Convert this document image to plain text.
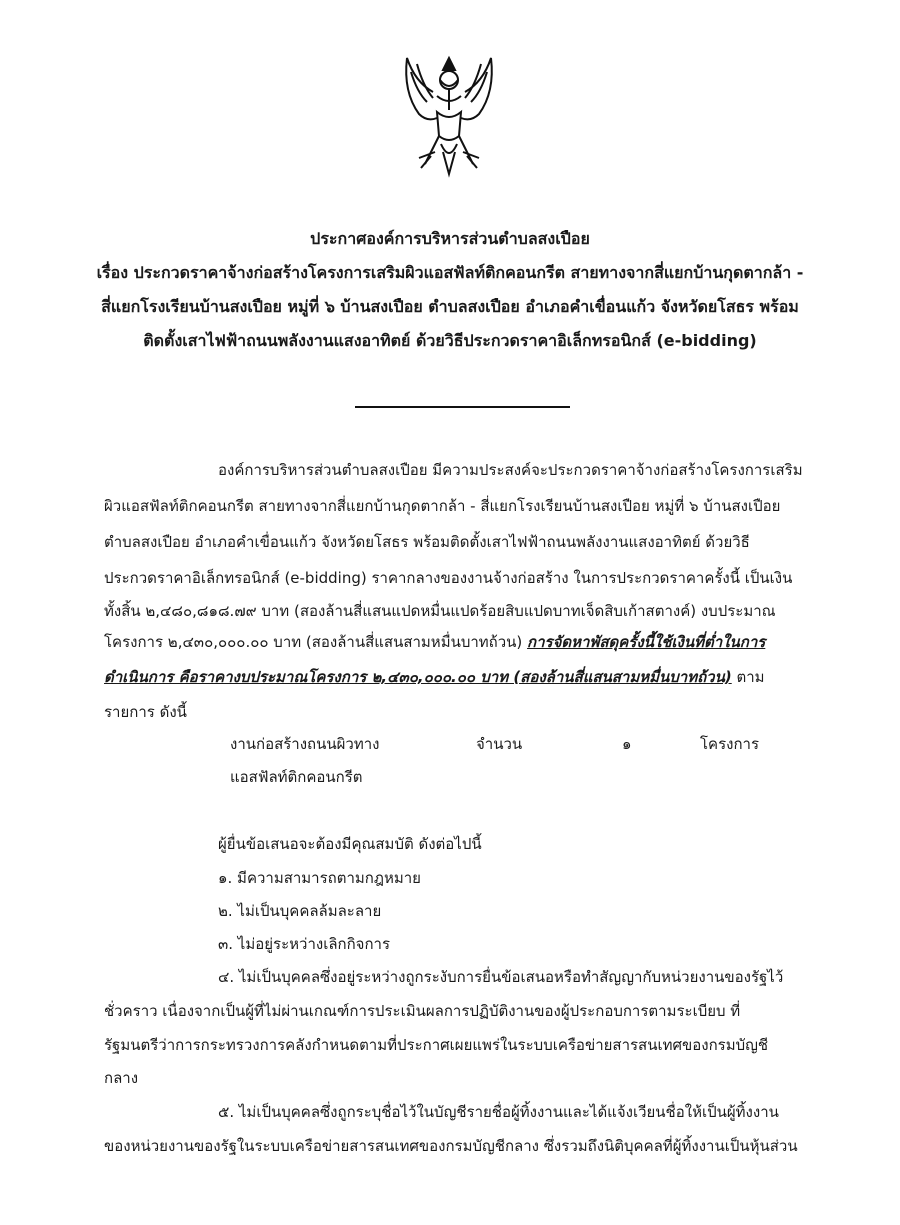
ประกาศองค์การบริหารส่วนตำบลสงเปือย
เรื่อง ประกวดราคาจ้างก่อสร้างโครงการเสริมผิวแอสฟัลท์ติกคอนกรีต สายทางจากสี่แยกบ้านกุดตากล้า -
สี่แยกโรงเรียนบ้านสงเปือย หมู่ที่ ๖ บ้านสงเปือย ตำบลสงเปือย อำเภอคำเขื่อนแก้ว จังหวัดยโสธร พร้อม
ติดตั้งเสาไฟฟ้าถนนพลังงานแสงอาทิตย์ ด้วยวิธีประกวดราคาอิเล็กทรอนิกส์ (e-bidding)
องค์การบริหารส่วนตำบลสงเปือย มีความประสงค์จะประกวดราคาจ้างก่อสร้างโครงการเสริม
ผิวแอสฟัลท์ติกคอนกรีต สายทางจากสี่แยกบ้านกุดตากล้า - สี่แยกโรงเรียนบ้านสงเปือย หมู่ที่ ๖ บ้านสงเปือย
ตำบลสงเปือย อำเภอคำเขื่อนแก้ว จังหวัดยโสธร พร้อมติดตั้งเสาไฟฟ้าถนนพลังงานแสงอาทิตย์ ด้วยวิธี
ประกวดราคาอิเล็กทรอนิกส์ (e-bidding) ราคากลางของงานจ้างก่อสร้าง ในการประกวดราคาครั้งนี้ เป็นเงิน
ทั้งสิ้น ๒,๔๘๐,๘๑๘.๗๙ บาท (สองล้านสี่แสนแปดหมื่นแปดร้อยสิบแปดบาทเจ็ดสิบเก้าสตางค์) งบประมาณ
โครงการ ๒,๔๓๐,๐๐๐.๐๐ บาท (สองล้านสี่แสนสามหมื่นบาทถ้วน) การจัดหาพัสดุครั้งนี้ใช้เงินที่ต่ำในการ
ดำเนินการ คือราคางบประมาณโครงการ ๒,๔๓๐,๐๐๐.๐๐ บาท (สองล้านสี่แสนสามหมื่นบาทถ้วน) ตาม
รายการ ดังนี้
งานก่อสร้างถนนผิวทาง
แอสฟัลท์ติกคอนกรีต
จำนวน	๑	โครงการ
ผู้ยื่นข้อเสนอจะต้องมีคุณสมบัติ ดังต่อไปนี้
๑. มีความสามารถตามกฎหมาย
๒. ไม่เป็นบุคคลล้มละลาย
๓. ไม่อยู่ระหว่างเลิกกิจการ
๔. ไม่เป็นบุคคลซึ่งอยู่ระหว่างถูกระงับการยื่นข้อเสนอหรือทำสัญญากับหน่วยงานของรัฐไว้
ชั่วคราว เนื่องจากเป็นผู้ที่ไม่ผ่านเกณฑ์การประเมินผลการปฏิบัติงานของผู้ประกอบการตามระเบียบ ที่
รัฐมนตรีว่าการกระทรวงการคลังกำหนดตามที่ประกาศเผยแพร่ในระบบเครือข่ายสารสนเทศของกรมบัญชี
กลาง
๕. ไม่เป็นบุคคลซึ่งถูกระบุชื่อไว้ในบัญชีรายชื่อผู้ทิ้งงานและได้แจ้งเวียนชื่อให้เป็นผู้ทิ้งงาน
ของหน่วยงานของรัฐในระบบเครือข่ายสารสนเทศของกรมบัญชีกลาง ซึ่งรวมถึงนิติบุคคลที่ผู้ทิ้งงานเป็นหุ้นส่วน
